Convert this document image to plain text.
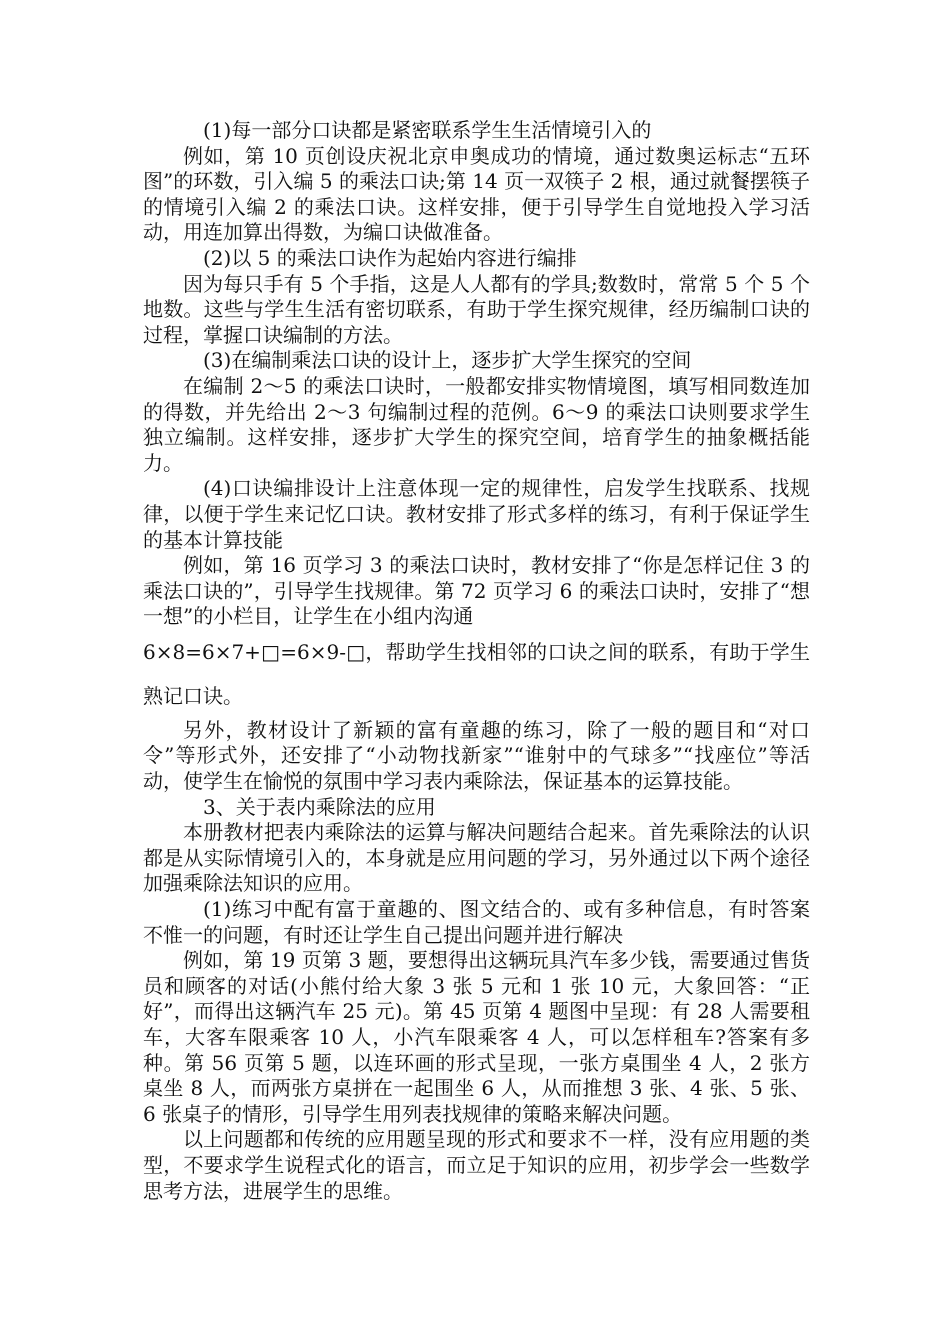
(1)每一部分口诀都是紧密联系学生生活情境引入的

例如，第 10 页创设庆祝北京申奥成功的情境，通过数奥运标志“五环图”的环数，引入编 5 的乘法口诀;第 14 页一双筷子 2 根，通过就餐摆筷子的情境引入编 2 的乘法口诀。这样安排，便于引导学生自觉地投入学习活动，用连加算出得数，为编口诀做准备。

(2)以 5 的乘法口诀作为起始内容进行编排

因为每只手有 5 个手指，这是人人都有的学具;数数时，常常 5 个 5 个地数。这些与学生生活有密切联系，有助于学生探究规律，经历编制口诀的过程，掌握口诀编制的方法。

(3)在编制乘法口诀的设计上，逐步扩大学生探究的空间

在编制 2～5 的乘法口诀时，一般都安排实物情境图，填写相同数连加的得数，并先给出 2～3 句编制过程的范例。6～9 的乘法口诀则要求学生独立编制。这样安排，逐步扩大学生的探究空间，培育学生的抽象概括能力。

(4)口诀编排设计上注意体现一定的规律性，启发学生找联系、找规律，以便于学生来记忆口诀。教材安排了形式多样的练习，有利于保证学生的基本计算技能

例如，第 16 页学习 3 的乘法口诀时，教材安排了“你是怎样记住 3 的乘法口诀的”，引导学生找规律。第 72 页学习 6 的乘法口诀时，安排了“想一想”的小栏目，让学生在小组内沟通

6×8=6×7+□=6×9-□，帮助学生找相邻的口诀之间的联系，有助于学生熟记口诀。

另外，教材设计了新颖的富有童趣的练习，除了一般的题目和“对口令”等形式外，还安排了“小动物找新家”“谁射中的气球多”“找座位”等活动，使学生在愉悦的氛围中学习表内乘除法，保证基本的运算技能。

3、关于表内乘除法的应用

本册教材把表内乘除法的运算与解决问题结合起来。首先乘除法的认识都是从实际情境引入的，本身就是应用问题的学习，另外通过以下两个途径加强乘除法知识的应用。

(1)练习中配有富于童趣的、图文结合的、或有多种信息，有时答案不惟一的问题，有时还让学生自己提出问题并进行解决

例如，第 19 页第 3 题，要想得出这辆玩具汽车多少钱，需要通过售货员和顾客的对话(小熊付给大象 3 张 5 元和 1 张 10 元，大象回答：“正好”，而得出这辆汽车 25 元)。第 45 页第 4 题图中呈现：有 28 人需要租车，大客车限乘客 10 人，小汽车限乘客 4 人，可以怎样租车?答案有多种。第 56 页第 5 题，以连环画的形式呈现，一张方桌围坐 4 人，2 张方桌坐 8 人，而两张方桌拼在一起围坐 6 人，从而推想 3 张、4 张、5 张、6 张桌子的情形，引导学生用列表找规律的策略来解决问题。

以上问题都和传统的应用题呈现的形式和要求不一样，没有应用题的类型，不要求学生说程式化的语言，而立足于知识的应用，初步学会一些数学思考方法，进展学生的思维。
